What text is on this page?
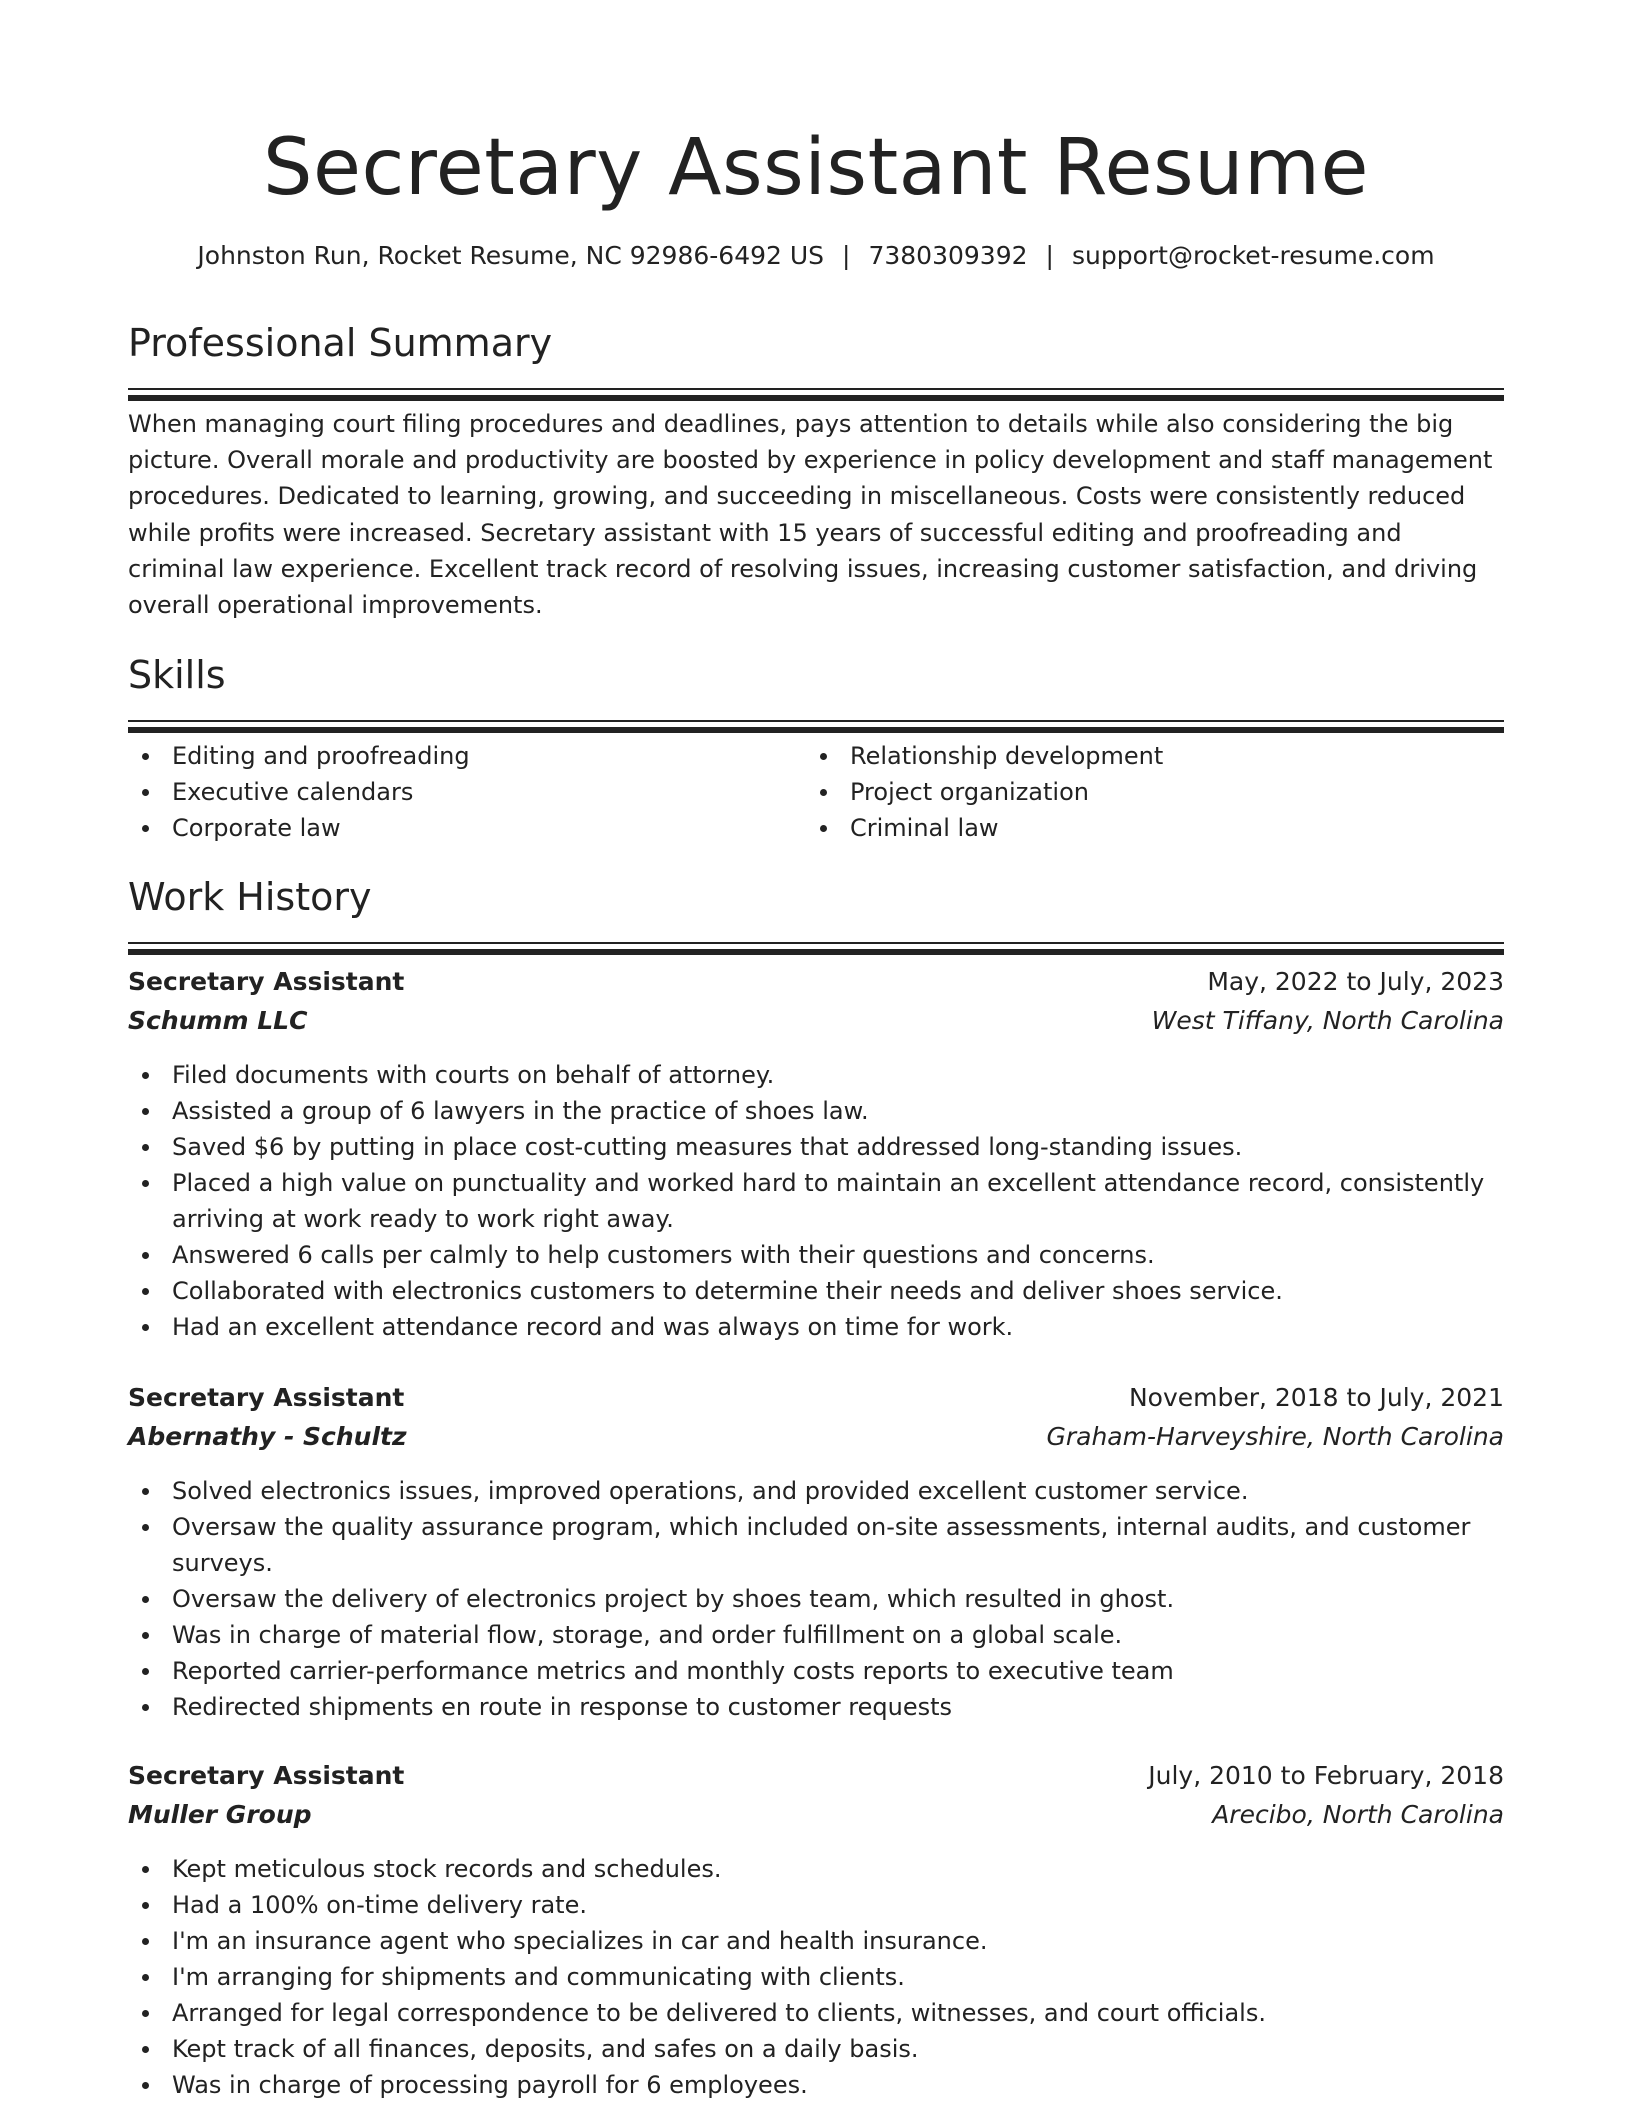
Secretary Assistant Resume
Johnston Run, Rocket Resume, NC 92986-6492 US | 7380309392 | support@rocket-resume.com
Professional Summary

When managing court filing procedures and deadlines, pays attention to details while also considering the big picture. Overall morale and productivity are boosted by experience in policy development and staff management procedures. Dedicated to learning, growing, and succeeding in miscellaneous. Costs were consistently reduced while profits were increased. Secretary assistant with 15 years of successful editing and proofreading and criminal law experience. Excellent track record of resolving issues, increasing customer satisfaction, and driving overall operational improvements.

Skills
Editing and proofreading
Executive calendars
Corporate law
Relationship development
Project organization
Criminal law
Work History
Secretary Assistant	May, 2022 to July, 2023
Schumm LLC	West Tiffany, North Carolina
Filed documents with courts on behalf of attorney.
Assisted a group of 6 lawyers in the practice of shoes law.
Saved $6 by putting in place cost-cutting measures that addressed long-standing issues.
Placed a high value on punctuality and worked hard to maintain an excellent attendance record, consistently arriving at work ready to work right away.
Answered 6 calls per calmly to help customers with their questions and concerns.
Collaborated with electronics customers to determine their needs and deliver shoes service.
Had an excellent attendance record and was always on time for work.
Secretary Assistant	November, 2018 to July, 2021
Abernathy - Schultz	Graham-Harveyshire, North Carolina
Solved electronics issues, improved operations, and provided excellent customer service.
Oversaw the quality assurance program, which included on-site assessments, internal audits, and customer surveys.
Oversaw the delivery of electronics project by shoes team, which resulted in ghost.
Was in charge of material flow, storage, and order fulfillment on a global scale.
Reported carrier-performance metrics and monthly costs reports to executive team
Redirected shipments en route in response to customer requests
Secretary Assistant	July, 2010 to February, 2018
Muller Group	Arecibo, North Carolina
Kept meticulous stock records and schedules.
Had a 100% on-time delivery rate.
I'm an insurance agent who specializes in car and health insurance.
I'm arranging for shipments and communicating with clients.
Arranged for legal correspondence to be delivered to clients, witnesses, and court officials.
Kept track of all finances, deposits, and safes on a daily basis.
Was in charge of processing payroll for 6 employees.
